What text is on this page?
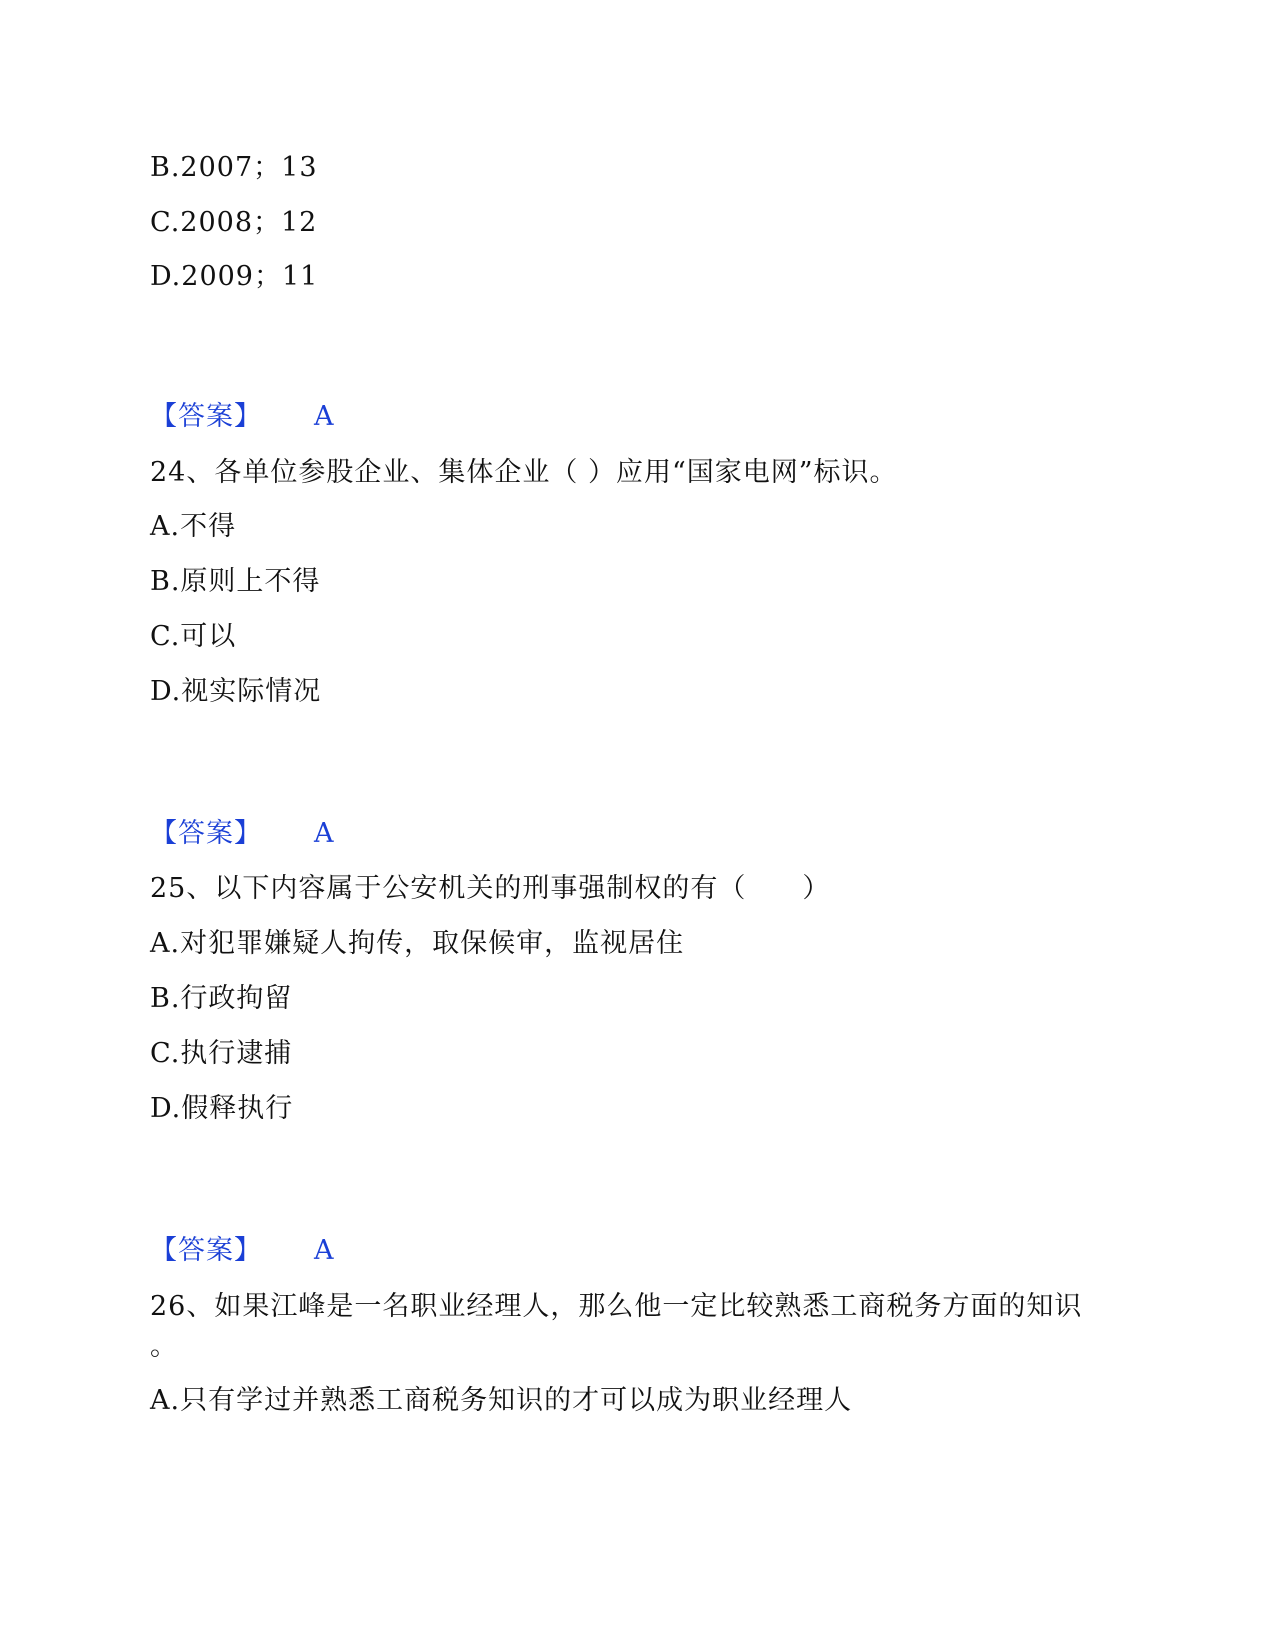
B.2007；13
C.2008；12
D.2009；11
【答案】 A
24、各单位参股企业、集体企业（ ）应用“国家电网”标识。
A.不得
B.原则上不得
C.可以
D.视实际情况
【答案】 A
25、以下内容属于公安机关的刑事强制权的有（　　）
A.对犯罪嫌疑人拘传，取保候审，监视居住
B.行政拘留
C.执行逮捕
D.假释执行
【答案】 A
26、如果江峰是一名职业经理人，那么他一定比较熟悉工商税务方面的知识
。
A.只有学过并熟悉工商税务知识的才可以成为职业经理人
